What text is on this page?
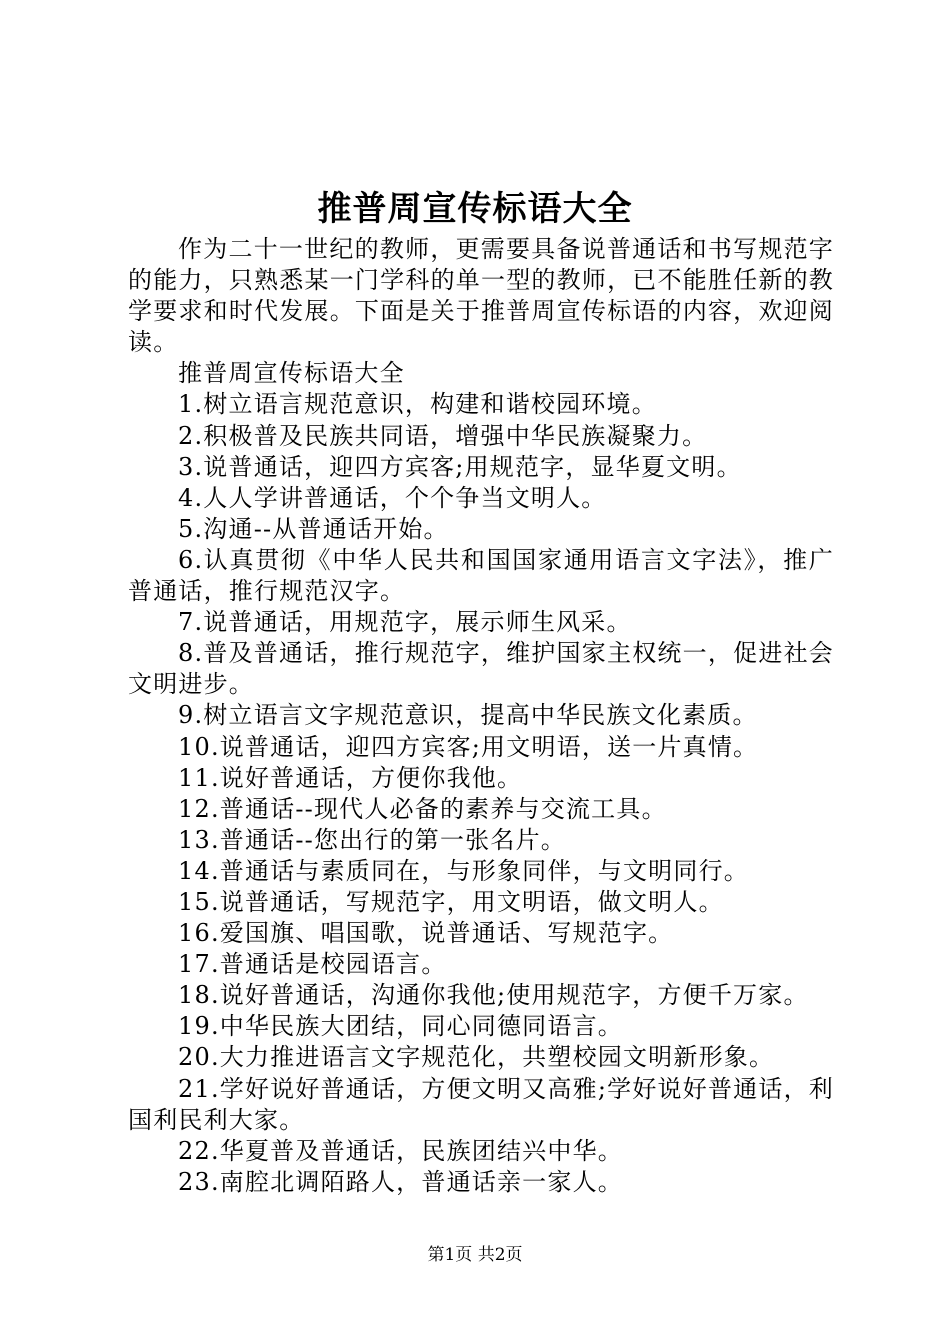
推普周宣传标语大全

作为二十一世纪的教师，更需要具备说普通话和书写规范字的能力，只熟悉某一门学科的单一型的教师，已不能胜任新的教学要求和时代发展。下面是关于推普周宣传标语的内容，欢迎阅读。

推普周宣传标语大全

1.树立语言规范意识，构建和谐校园环境。

2.积极普及民族共同语，增强中华民族凝聚力。

3.说普通话，迎四方宾客;用规范字，显华夏文明。

4.人人学讲普通话，个个争当文明人。

5.沟通--从普通话开始。

6.认真贯彻《中华人民共和国国家通用语言文字法》，推广普通话，推行规范汉字。

7.说普通话，用规范字，展示师生风采。

8.普及普通话，推行规范字，维护国家主权统一，促进社会文明进步。

9.树立语言文字规范意识，提高中华民族文化素质。

10.说普通话，迎四方宾客;用文明语，送一片真情。

11.说好普通话，方便你我他。

12.普通话--现代人必备的素养与交流工具。

13.普通话--您出行的第一张名片。

14.普通话与素质同在，与形象同伴，与文明同行。

15.说普通话，写规范字，用文明语，做文明人。

16.爱国旗、唱国歌，说普通话、写规范字。

17.普通话是校园语言。

18.说好普通话，沟通你我他;使用规范字，方便千万家。

19.中华民族大团结，同心同德同语言。

20.大力推进语言文字规范化，共塑校园文明新形象。

21.学好说好普通话，方便文明又高雅;学好说好普通话，利国利民利大家。

22.华夏普及普通话，民族团结兴中华。

23.南腔北调陌路人，普通话亲一家人。

第1页 共2页
